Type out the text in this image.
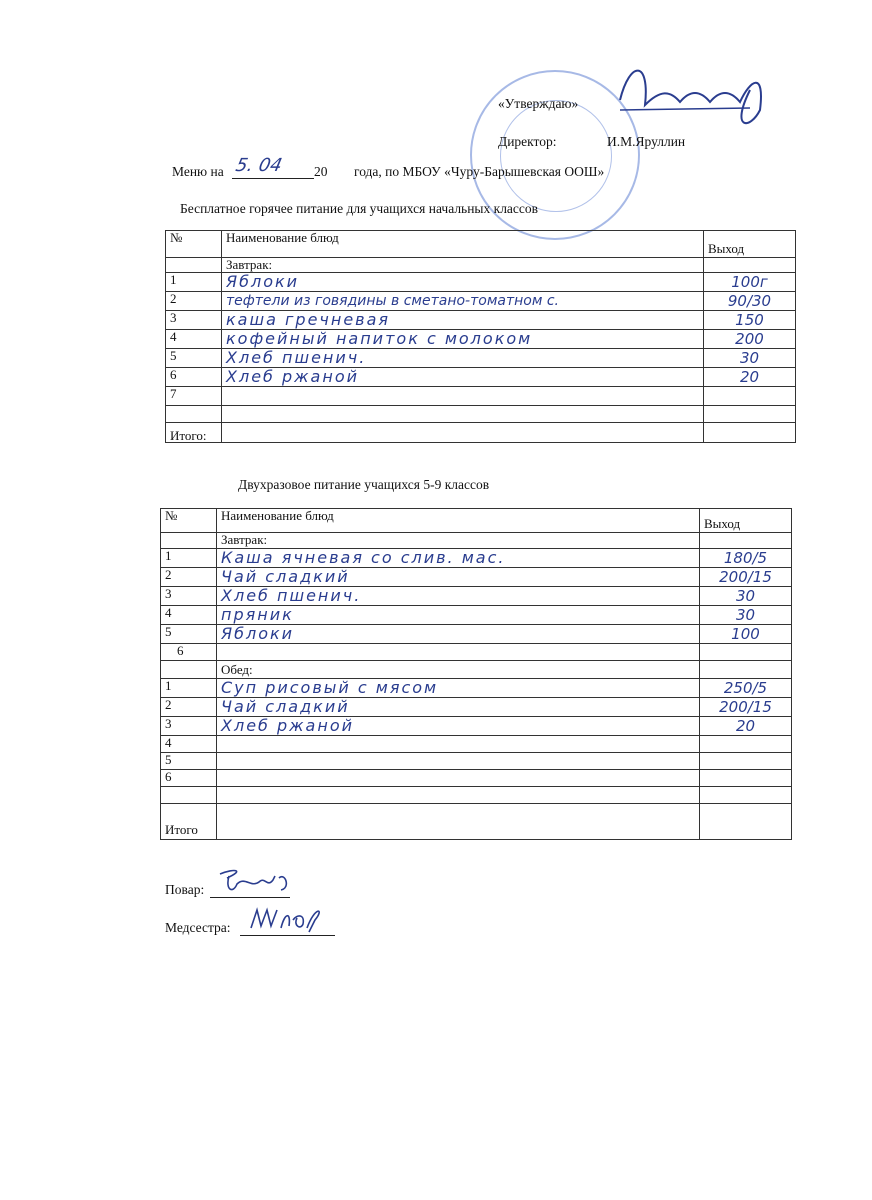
«Утверждаю»
Директор:	И.М.Яруллин
Меню на 5. 04 20 года, по МБОУ «Чуру-Барышевская ООШ»
Бесплатное горячее питание для учащихся начальных классов
№	Наименование блюд	Выход
	Завтрак:	
1	Яблоки	100г
2	тефтели из говядины в сметано-томатном с.	90/30
3	каша гречневая	150
4	кофейный напиток с молоком	200
5	Хлеб пшенич.	30
6	Хлеб ржаной	20
7		

Итого:		
Двухразовое питание учащихся 5-9 классов
№	Наименование блюд	Выход
	Завтрак:	
1	Каша ячневая со слив. мас.	180/5
2	Чай сладкий	200/15
3	Хлеб пшенич.	30
4	пряник	30
5	Яблоки	100
6		
	Обед:	
1	Суп рисовый с мясом	250/5
2	Чай сладкий	200/15
3	Хлеб ржаной	20
4		
5		
6		

Итого		
Повар:
Медсестра:
